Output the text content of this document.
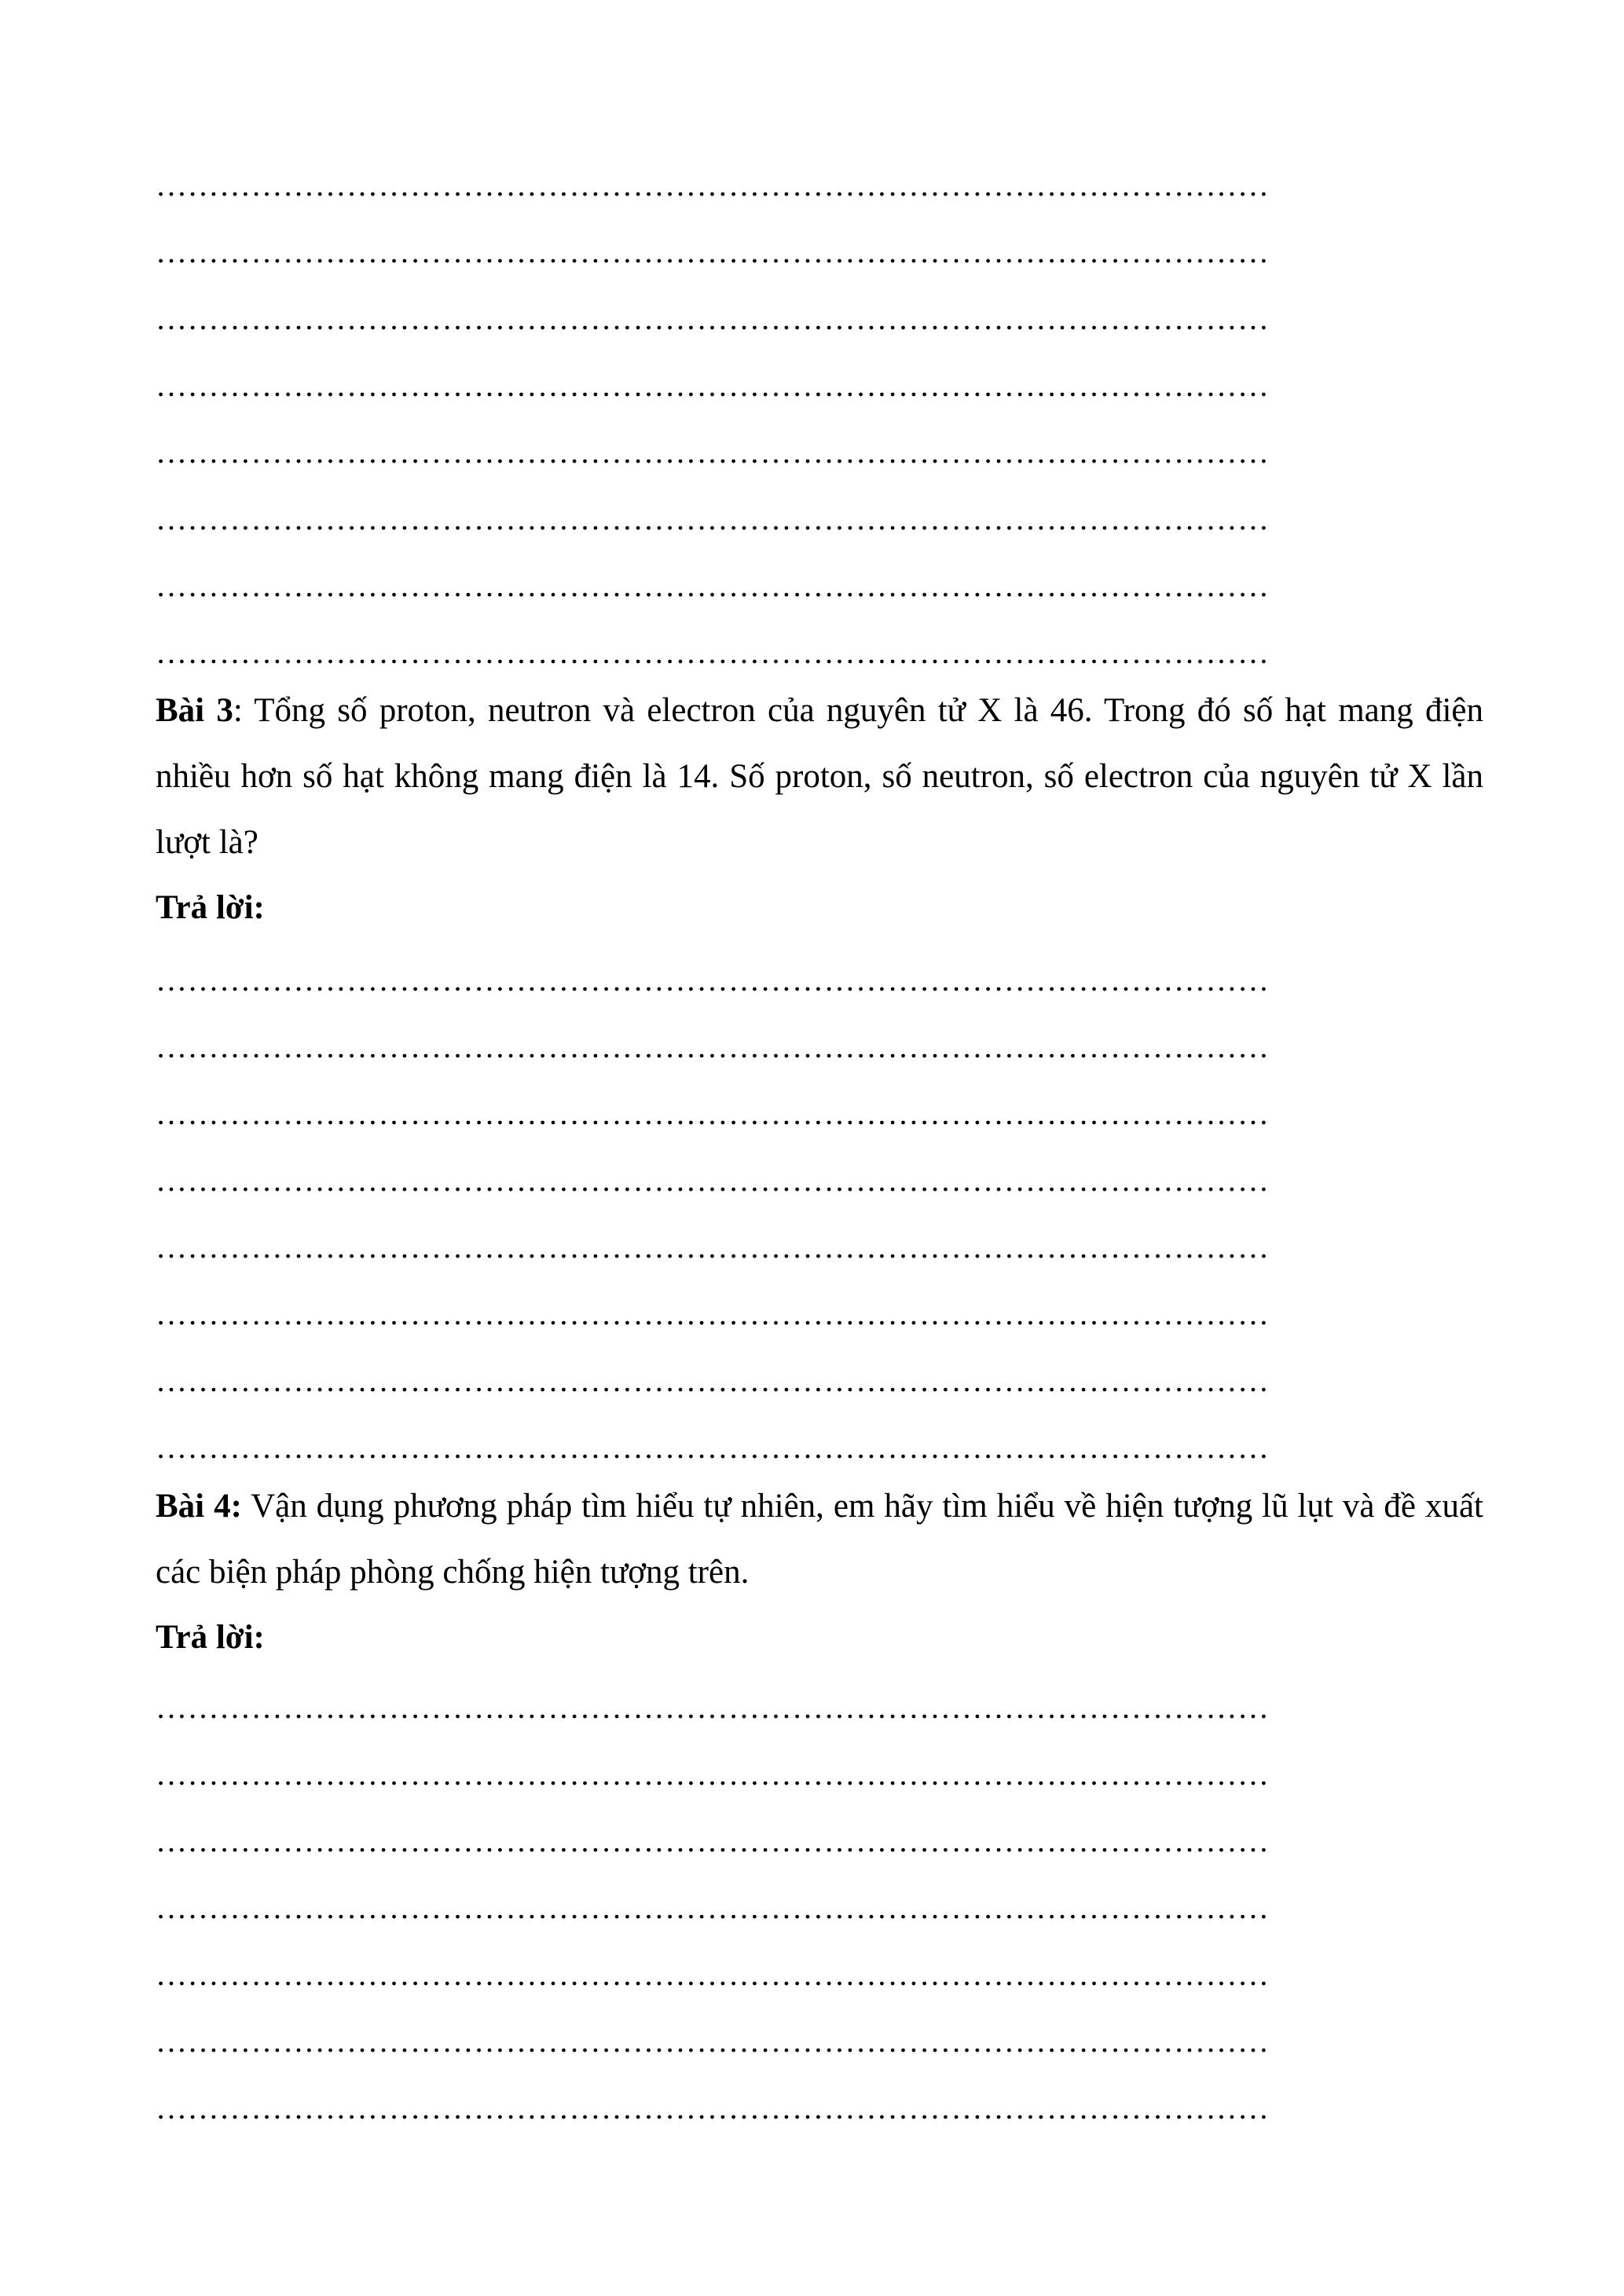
……………………………………………………………………………………………
……………………………………………………………………………………………
……………………………………………………………………………………………
……………………………………………………………………………………………
……………………………………………………………………………………………
……………………………………………………………………………………………
……………………………………………………………………………………………
……………………………………………………………………………………………
Bài 3: Tổng số proton, neutron và electron của nguyên tử X là 46. Trong đó số hạt mang điện nhiều hơn số hạt không mang điện là 14. Số proton, số neutron, số electron của nguyên tử X lần lượt là?
Trả lời:
……………………………………………………………………………………………
……………………………………………………………………………………………
……………………………………………………………………………………………
……………………………………………………………………………………………
……………………………………………………………………………………………
……………………………………………………………………………………………
……………………………………………………………………………………………
……………………………………………………………………………………………
Bài 4: Vận dụng phương pháp tìm hiểu tự nhiên, em hãy tìm hiểu về hiện tượng lũ lụt và đề xuất các biện pháp phòng chống hiện tượng trên.
Trả lời:
……………………………………………………………………………………………
……………………………………………………………………………………………
……………………………………………………………………………………………
……………………………………………………………………………………………
……………………………………………………………………………………………
……………………………………………………………………………………………
……………………………………………………………………………………………
